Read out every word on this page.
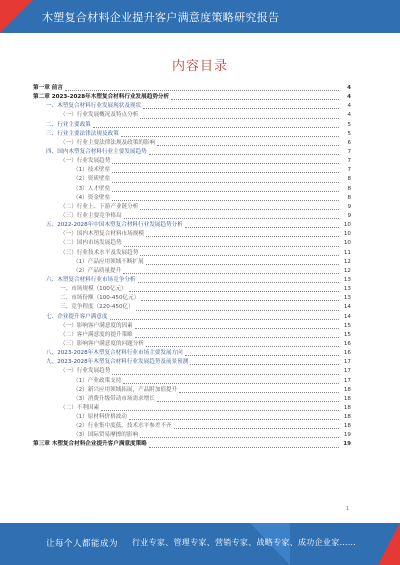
木塑复合材料企业提升客户满意度策略研究报告
内容目录
第一章 前言	4
第二章 2023-2028年木塑复合材料行业发展趋势分析	4
一、木塑复合材料行业发展现状及现状	4
（一）行业发展概况及特点分析	4
二、行业主要政策	5
三、行业主要法律法规及政策	5
（一）行业主要法律法规及政策的影响	6
四、国内木塑复合材料行业主要发展趋势	7
（一）行业发展趋势	7
（1）技术壁垒	7
（2）资质壁垒	8
（3）人才壁垒	8
（4）资金壁垒	8
（二）行业上、下游产业链分析	9
（三）行业主要竞争格局	9
五、2022-2028年中国木塑复合材料行业发展趋势分析	10
（一）国内木塑复合材料市场规模	10
（二）国内市场发展趋势	10
（三）行业技术水平及发展趋势	11
（1）产品应用领域不断扩展	12
（2）产品质量提升	12
六、木塑复合材料行业市场竞争分析	13
一、市场规模（100亿元）	13
二、市场份额（100-450亿元）	13
三、竞争程度（220-450亿）	14
七、企业提升客户满意度	14
（一）影响客户满意度的因素	15
（二）客户满意度的提升策略	15
（三）影响客户满意度的问题分析	16
八、2023-2028年木塑复合材料行业市场主要发展方向	16
九、2023-2028年木塑复合材料行业发展趋势及前景预测	17
（一）行业发展趋势	17
（1）产业政策支持	17
（2）新兴应用领域拓展，产品附加值提升	18
（3）消费升级带动市场需求增长	18
（二）不利因素	18
（1）原材料价格波动	18
（2）行业集中度低，技术水平参差不齐	18
（3）国际贸易摩擦的影响	19
第三章 木塑复合材料企业提升客户满意度策略	19
1
让每个人都能成为 行业专家、管理专家、营销专家、战略专家、成功企业家……
